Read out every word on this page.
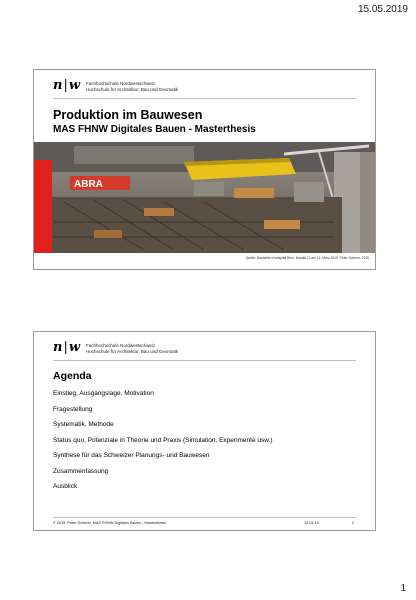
15.05.2019
n|w Fachhochschule Nordwestschweiz
Hochschule für Architektur, Bau und Geomatik
Produktion im Bauwesen
MAS FHNW Digitales Bauen - Masterthesis
ABRA
Quelle: Baustelle Inselspital Bern, Bauteil 12 am 11. März 2019, Peter Scherer, 2019
n|w Fachhochschule Nordwestschweiz
Hochschule für Architektur, Bau und Geomatik
Agenda
Einstieg, Ausgangslage, Motivation
Fragestellung
Systematik, Methode
Status quo, Potenziale in Theorie und Praxis (Simulation, Experimente usw.)
Synthese für das Schweizer Planungs- und Bauwesen
Zusammenfassung
Ausblick
© 2019, Peter Scherer, MAS FHNW Digitales Bauen - Masterthesis	12.04.19	2
1
